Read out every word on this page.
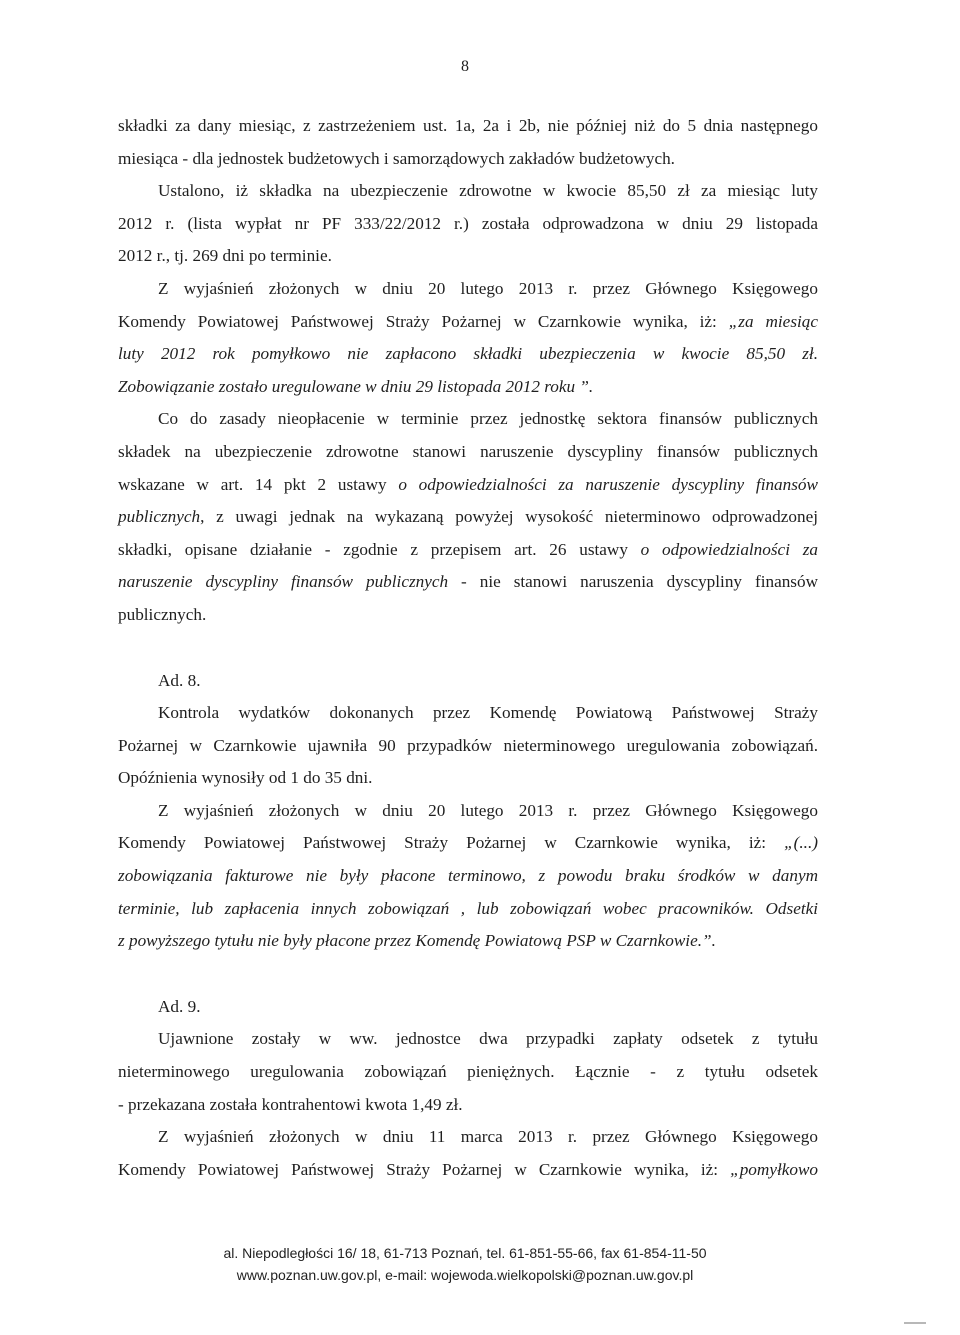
8

składki za dany miesiąc, z zastrzeżeniem ust. 1a, 2a i 2b, nie później niż do 5 dnia następnego

miesiąca - dla jednostek budżetowych i samorządowych zakładów budżetowych.

Ustalono, iż składka na ubezpieczenie zdrowotne w kwocie 85,50 zł za miesiąc luty

2012 r. (lista wypłat nr PF 333/22/2012 r.) została odprowadzona w dniu 29 listopada

2012 r., tj. 269 dni po terminie.

Z wyjaśnień złożonych w dniu 20 lutego 2013 r. przez Głównego Księgowego

Komendy Powiatowej Państwowej Straży Pożarnej w Czarnkowie wynika, iż: „za miesiąc

luty 2012 rok pomyłkowo nie zapłacono składki ubezpieczenia w kwocie 85,50 zł.

Zobowiązanie zostało uregulowane w dniu 29 listopada 2012 roku ”.

Co do zasady nieopłacenie w terminie przez jednostkę sektora finansów publicznych

składek na ubezpieczenie zdrowotne stanowi naruszenie dyscypliny finansów publicznych

wskazane w art. 14 pkt 2 ustawy o odpowiedzialności za naruszenie dyscypliny finansów

publicznych, z uwagi jednak na wykazaną powyżej wysokość nieterminowo odprowadzonej

składki, opisane działanie - zgodnie z przepisem art. 26 ustawy o odpowiedzialności za

naruszenie dyscypliny finansów publicznych - nie stanowi naruszenia dyscypliny finansów

publicznych.

Ad. 8.

Kontrola wydatków dokonanych przez Komendę Powiatową Państwowej Straży

Pożarnej w Czarnkowie ujawniła 90 przypadków nieterminowego uregulowania zobowiązań.

Opóźnienia wynosiły od 1 do 35 dni.

Z wyjaśnień złożonych w dniu 20 lutego 2013 r. przez Głównego Księgowego

Komendy Powiatowej Państwowej Straży Pożarnej w Czarnkowie wynika, iż: „(...)

zobowiązania fakturowe nie były płacone terminowo, z powodu braku środków w danym

terminie, lub zapłacenia innych zobowiązań , lub zobowiązań wobec pracowników. Odsetki

z powyższego tytułu nie były płacone przez Komendę Powiatową PSP w Czarnkowie.”.

Ad. 9.

Ujawnione zostały w ww. jednostce dwa przypadki zapłaty odsetek z tytułu

nieterminowego uregulowania zobowiązań pieniężnych. Łącznie - z tytułu odsetek

- przekazana została kontrahentowi kwota 1,49 zł.

Z wyjaśnień złożonych w dniu 11 marca 2013 r. przez Głównego Księgowego

Komendy Powiatowej Państwowej Straży Pożarnej w Czarnkowie wynika, iż: „pomyłkowo

al. Niepodległości 16/ 18, 61-713 Poznań, tel. 61-851-55-66, fax 61-854-11-50
www.poznan.uw.gov.pl, e-mail: wojewoda.wielkopolski@poznan.uw.gov.pl
